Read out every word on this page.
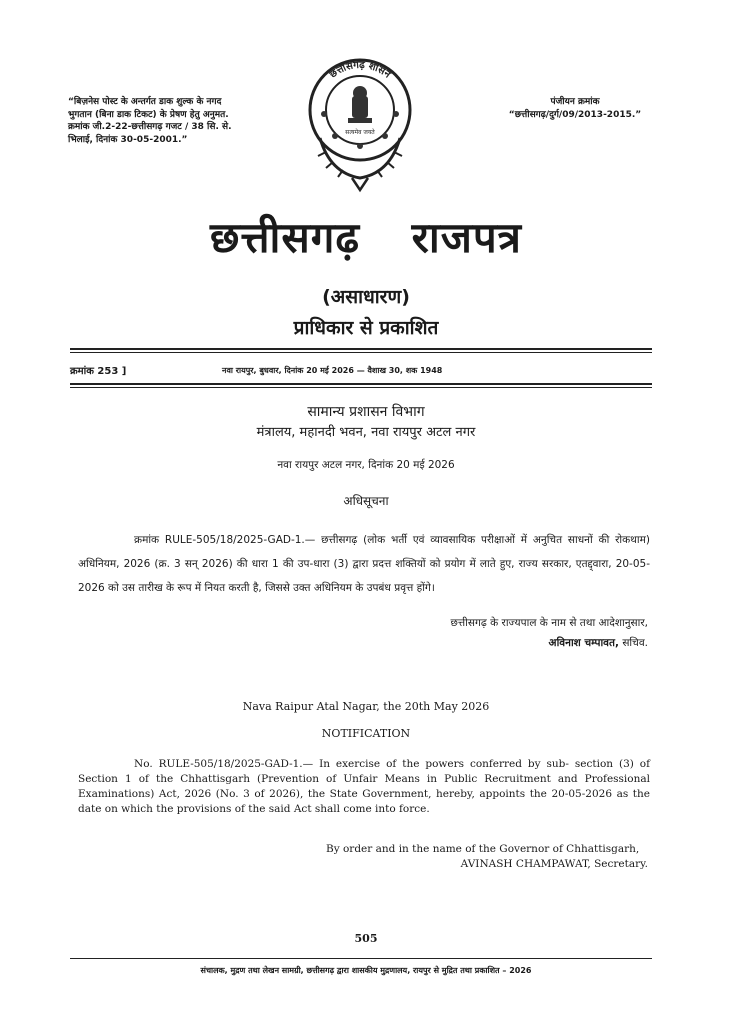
“बिज़नेस पोस्ट के अन्तर्गत डाक शुल्क के नगद भुगतान (बिना डाक टिकट) के प्रेषण हेतु अनुमत. क्रमांक जी.2-22-छत्तीसगढ़ गजट / 38 सि. से. भिलाई, दिनांक 30-05-2001.”
पंजीयन क्रमांक
“छत्तीसगढ़/दुर्ग/09/2013-2015.”
छत्तीसगढ़ शासन
सत्यमेव जयते
छत्तीसगढ़ राजपत्र
(असाधारण)
प्राधिकार से प्रकाशित
क्रमांक 253 ]	नवा रायपुर, बुधवार, दिनांक 20 मई 2026 — वैशाख 30, शक 1948
सामान्य प्रशासन विभाग
मंत्रालय, महानदी भवन, नवा रायपुर अटल नगर
नवा रायपुर अटल नगर, दिनांक 20 मई 2026
अधिसूचना
क्रमांक RULE-505/18/2025-GAD-1.— छत्तीसगढ़ (लोक भर्ती एवं व्यावसायिक परीक्षाओं में अनुचित साधनों की रोकथाम) अधिनियम, 2026 (क्र. 3 सन् 2026) की धारा 1 की उप-धारा (3) द्वारा प्रदत्त शक्तियों को प्रयोग में लाते हुए, राज्य सरकार, एतद्द्वारा, 20-05-2026 को उस तारीख के रूप में नियत करती है, जिससे उक्त अधिनियम के उपबंध प्रवृत्त होंगे।
छत्तीसगढ़ के राज्यपाल के नाम से तथा आदेशानुसार,
अविनाश चम्पावत, सचिव.
Nava Raipur Atal Nagar, the 20th May 2026
NOTIFICATION
No. RULE-505/18/2025-GAD-1.— In exercise of the powers conferred by sub- section (3) of Section 1 of the Chhattisgarh (Prevention of Unfair Means in Public Recruitment and Professional Examinations) Act, 2026 (No. 3 of 2026), the State Government, hereby, appoints the 20-05-2026 as the date on which the provisions of the said Act shall come into force.
By order and in the name of the Governor of Chhattisgarh,
AVINASH CHAMPAWAT, Secretary.
505
संचालक, मुद्रण तथा लेखन सामग्री, छत्तीसगढ़ द्वारा शासकीय मुद्रणालय, रायपुर से मुद्रित तथा प्रकाशित – 2026
